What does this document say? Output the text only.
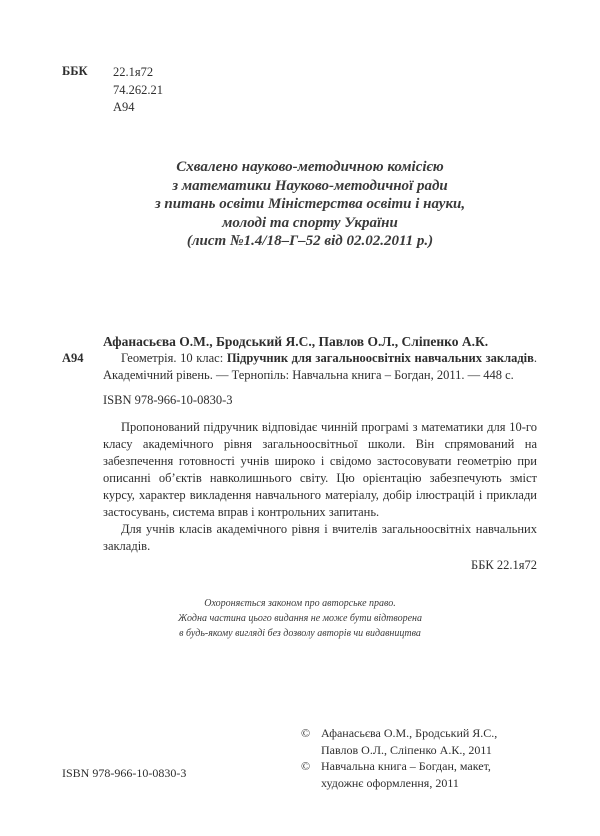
ББК 22.1я72
74.262.21
А94
Схвалено науково-методичною комісією
з математики Науково-методичної ради
з питань освіти Міністерства освіти і науки,
молоді та спорту України
(лист №1.4/18–Г–52 від 02.02.2011 р.)
Афанасьєва О.М., Бродський Я.С., Павлов О.Л., Сліпенко А.К.
А94	Геометрія. 10 клас: Підручник для загальноосвітніх навчальних закладів. Академічний рівень. — Тернопіль: Навчальна книга – Богдан, 2011. — 448 с.
ISBN 978-966-10-0830-3

Пропонований підручник відповідає чинній програмі з математики для 10-го класу академічного рівня загальноосвітньої школи. Він спрямований на забезпечення готовності учнів широко і свідомо застосовувати геометрію при описанні об’єктів навколишнього світу. Цю орієнтацію забезпечують зміст курсу, характер викладення навчального матеріалу, добір ілюстрацій і приклади застосувань, система вправ і контрольних запитань.

Для учнів класів академічного рівня і вчителів загальноосвітніх навчальних закладів.

ББК 22.1я72
Охороняється законом про авторське право.
Жодна частина цього видання не може бути відтворена
в будь-якому вигляді без дозволу авторів чи видавництва
© Афанасьєва О.М., Бродський Я.С.,
Павлов О.Л., Сліпенко А.К., 2011
© Навчальна книга – Богдан, макет,
художнє оформлення, 2011
ISBN 978-966-10-0830-3
